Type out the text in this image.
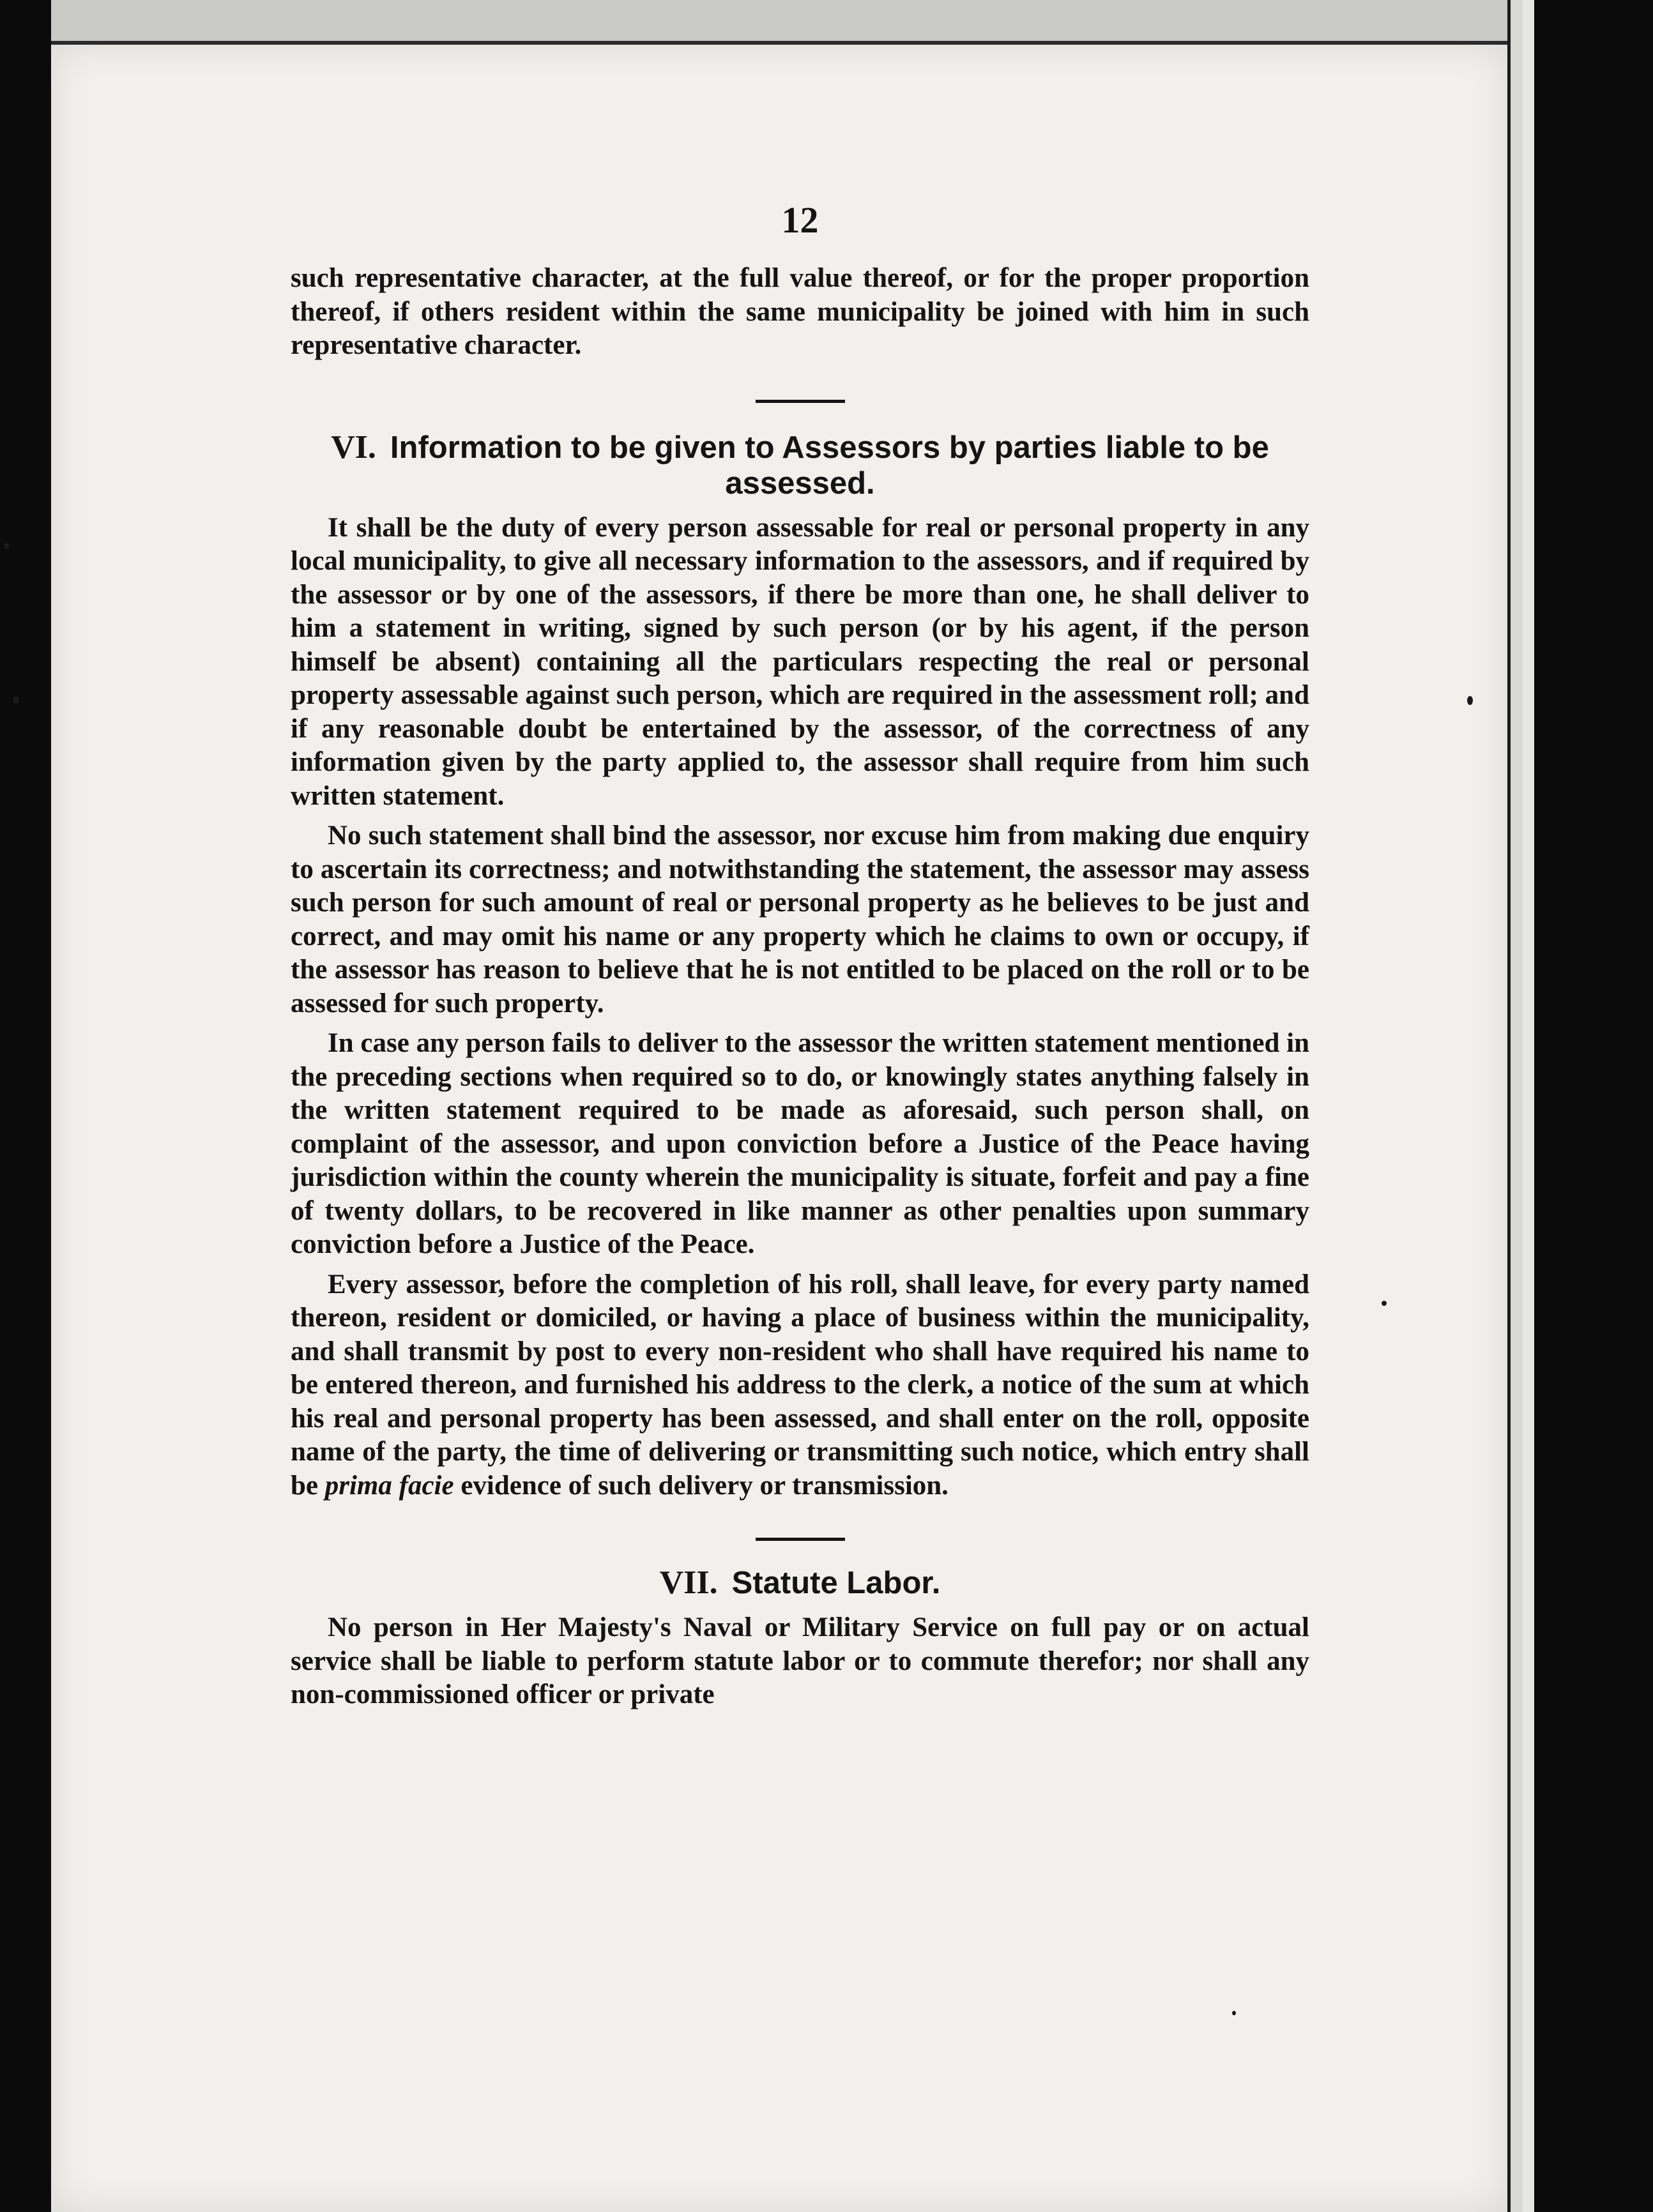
12

such representative character, at the full value thereof, or for the proper proportion thereof, if others resident within the same municipality be joined with him in such representative character.

VI. Information to be given to Assessors by parties liable to be assessed.

It shall be the duty of every person assessable for real or personal property in any local municipality, to give all necessary information to the assessors, and if required by the assessor or by one of the assessors, if there be more than one, he shall deliver to him a statement in writing, signed by such person (or by his agent, if the person himself be absent) containing all the particulars respecting the real or personal property assessable against such person, which are required in the assessment roll; and if any reasonable doubt be entertained by the assessor, of the correctness of any information given by the party applied to, the assessor shall require from him such written statement.

No such statement shall bind the assessor, nor excuse him from making due enquiry to ascertain its correctness; and notwithstanding the statement, the assessor may assess such person for such amount of real or personal property as he believes to be just and correct, and may omit his name or any property which he claims to own or occupy, if the assessor has reason to believe that he is not entitled to be placed on the roll or to be assessed for such property.

In case any person fails to deliver to the assessor the written statement mentioned in the preceding sections when required so to do, or knowingly states anything falsely in the written statement required to be made as aforesaid, such person shall, on complaint of the assessor, and upon conviction before a Justice of the Peace having jurisdiction within the county wherein the municipality is situate, forfeit and pay a fine of twenty dollars, to be recovered in like manner as other penalties upon summary conviction before a Justice of the Peace.

Every assessor, before the completion of his roll, shall leave, for every party named thereon, resident or domiciled, or having a place of business within the municipality, and shall transmit by post to every non-resident who shall have required his name to be entered thereon, and furnished his address to the clerk, a notice of the sum at which his real and personal property has been assessed, and shall enter on the roll, opposite name of the party, the time of delivering or transmitting such notice, which entry shall be prima facie evidence of such delivery or transmission.

VII. Statute Labor.

No person in Her Majesty's Naval or Military Service on full pay or on actual service shall be liable to perform statute labor or to commute therefor; nor shall any non-commissioned officer or private
